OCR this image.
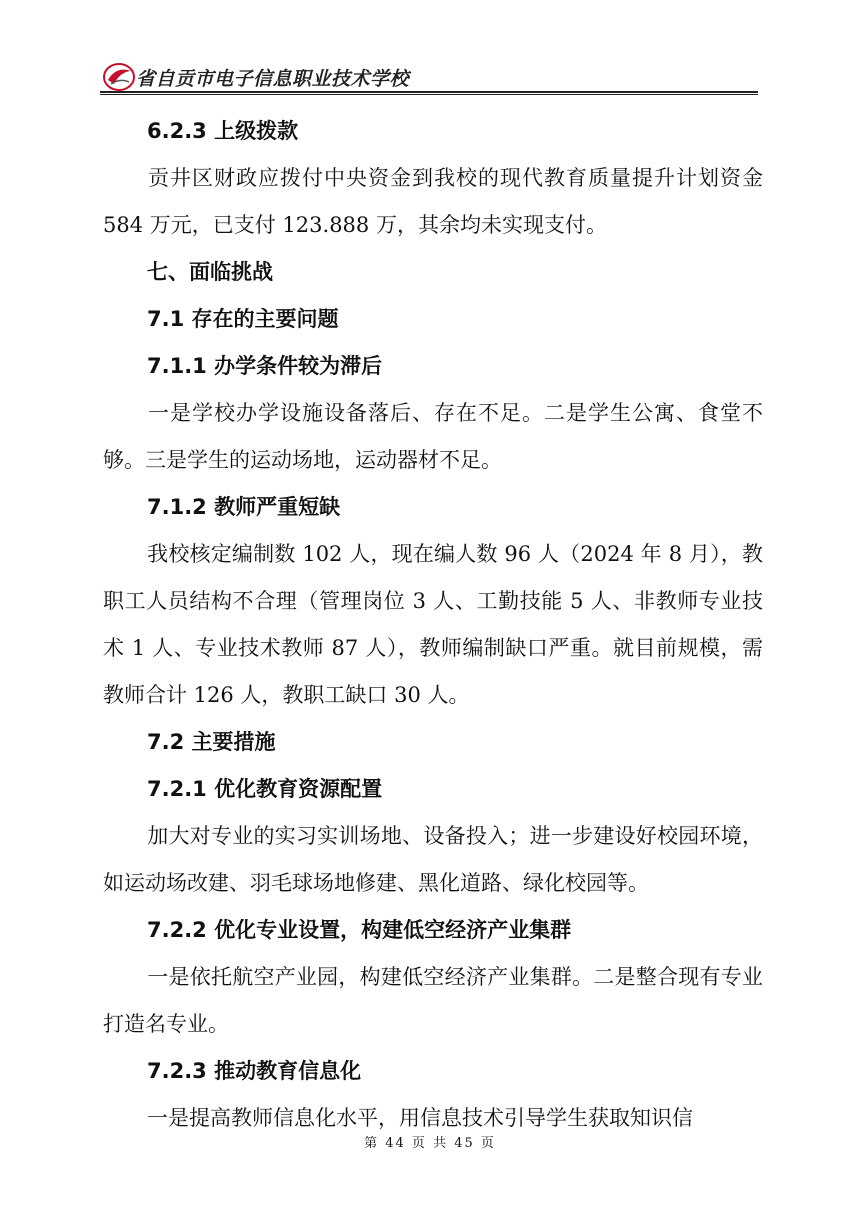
省自贡市电子信息职业技术学校
6.2.3 上级拨款

贡井区财政应拨付中央资金到我校的现代教育质量提升计划资金 584 万元，已支付 123.888 万，其余均未实现支付。

七、面临挑战
7.1 存在的主要问题
7.1.1 办学条件较为滞后

一是学校办学设施设备落后、存在不足。二是学生公寓、食堂不够。三是学生的运动场地，运动器材不足。

7.1.2 教师严重短缺

我校核定编制数 102 人，现在编人数 96 人（2024 年 8 月），教职工人员结构不合理（管理岗位 3 人、工勤技能 5 人、非教师专业技术 1 人、专业技术教师 87 人），教师编制缺口严重。就目前规模，需教师合计 126 人，教职工缺口 30 人。

7.2 主要措施
7.2.1 优化教育资源配置

加大对专业的实习实训场地、设备投入；进一步建设好校园环境，如运动场改建、羽毛球场地修建、黑化道路、绿化校园等。

7.2.2 优化专业设置，构建低空经济产业集群

一是依托航空产业园，构建低空经济产业集群。二是整合现有专业打造名专业。

7.2.3 推动教育信息化

一是提高教师信息化水平，用信息技术引导学生获取知识信

第 44 页 共 45 页
